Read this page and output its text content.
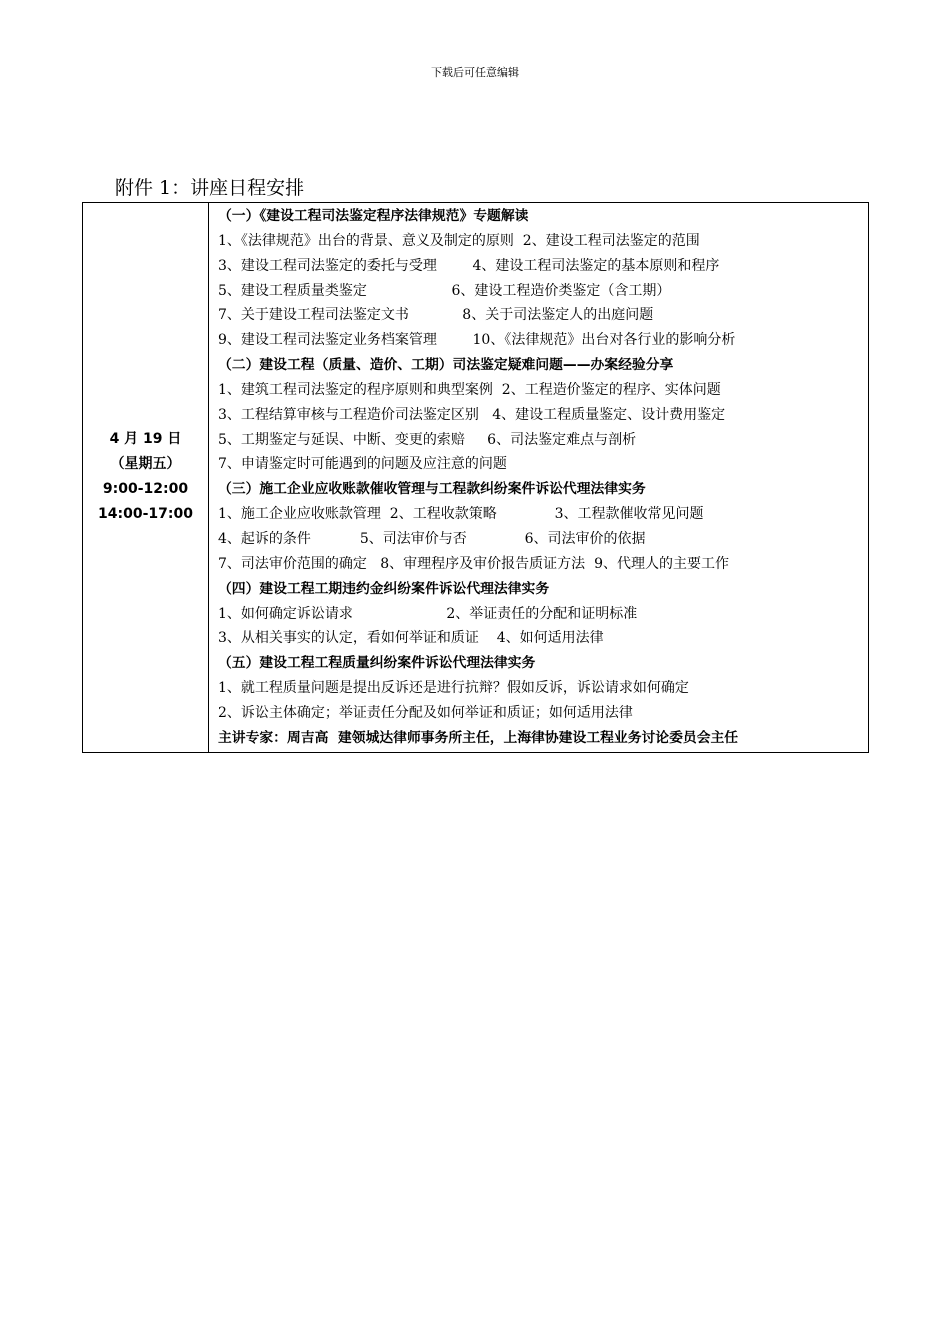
下载后可任意编辑
附件 1：讲座日程安排
4 月 19 日
（星期五）
9:00-12:00
14:00-17:00

（一）《建设工程司法鉴定程序法律规范》专题解读
1、《法律规范》出台的背景、意义及制定的原则  2、建设工程司法鉴定的范围
3、建设工程司法鉴定的委托与受理        4、建设工程司法鉴定的基本原则和程序
5、建设工程质量类鉴定                   6、建设工程造价类鉴定（含工期）
7、关于建设工程司法鉴定文书            8、关于司法鉴定人的出庭问题
9、建设工程司法鉴定业务档案管理        10、《法律规范》出台对各行业的影响分析
（二）建设工程（质量、造价、工期）司法鉴定疑难问题——办案经验分享
1、建筑工程司法鉴定的程序原则和典型案例  2、工程造价鉴定的程序、实体问题
3、工程结算审核与工程造价司法鉴定区别   4、建设工程质量鉴定、设计费用鉴定
5、工期鉴定与延误、中断、变更的索赔     6、司法鉴定难点与剖析
7、申请鉴定时可能遇到的问题及应注意的问题
（三）施工企业应收账款催收管理与工程款纠纷案件诉讼代理法律实务
1、施工企业应收账款管理  2、工程收款策略             3、工程款催收常见问题
4、起诉的条件           5、司法审价与否             6、司法审价的依据
7、司法审价范围的确定   8、审理程序及审价报告质证方法  9、代理人的主要工作
（四）建设工程工期违约金纠纷案件诉讼代理法律实务
1、如何确定诉讼请求                     2、举证责任的分配和证明标准
3、从相关事实的认定，看如何举证和质证    4、如何适用法律
（五）建设工程工程质量纠纷案件诉讼代理法律实务
1、就工程质量问题是提出反诉还是进行抗辩？假如反诉，诉讼请求如何确定
2、诉讼主体确定；举证责任分配及如何举证和质证；如何适用法律
主讲专家：周吉高  建领城达律师事务所主任，上海律协建设工程业务讨论委员会主任
